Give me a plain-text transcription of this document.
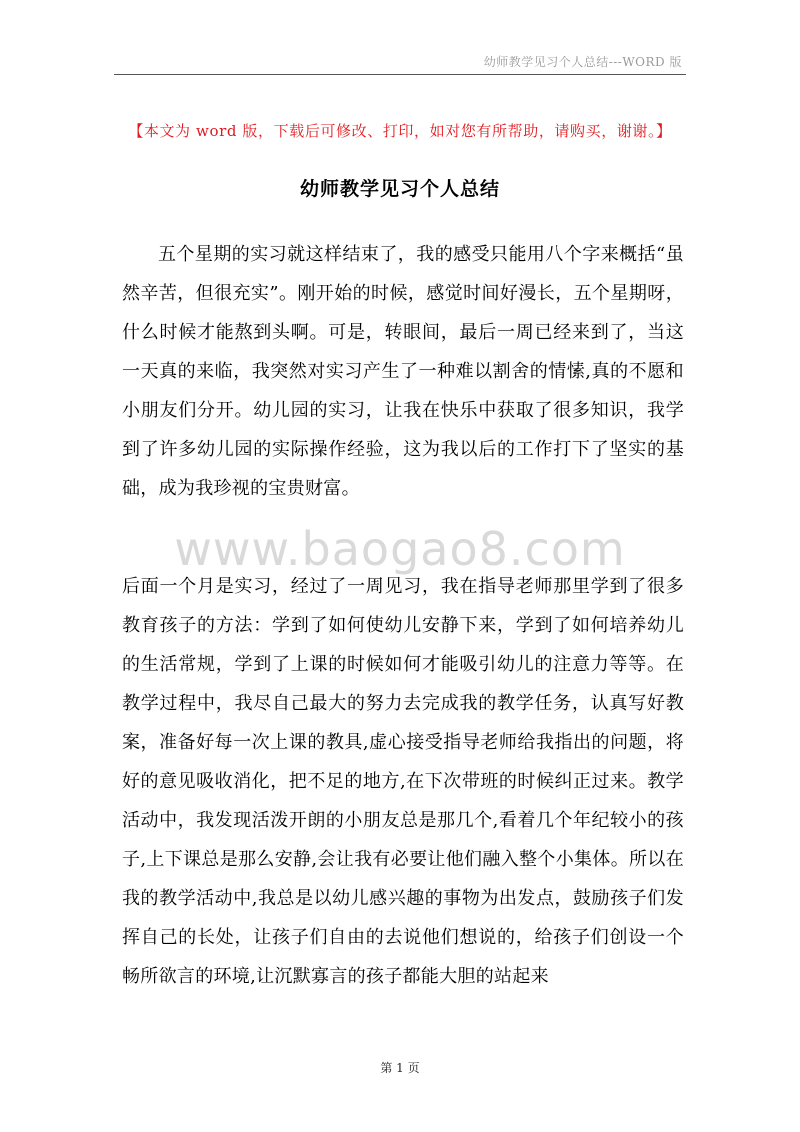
幼师教学见习个人总结---WORD 版
【本文为 word 版，下载后可修改、打印，如对您有所帮助，请购买，谢谢。】
幼师教学见习个人总结

五个星期的实习就这样结束了，我的感受只能用八个字来概括“虽然辛苦，但很充实”。刚开始的时候，感觉时间好漫长，五个星期呀，什么时候才能熬到头啊。可是，转眼间，最后一周已经来到了，当这一天真的来临，我突然对实习产生了一种难以割舍的情愫,真的不愿和小朋友们分开。幼儿园的实习，让我在快乐中获取了很多知识，我学到了许多幼儿园的实际操作经验，这为我以后的工作打下了坚实的基础，成为我珍视的宝贵财富。

www.baogao8.com

后面一个月是实习，经过了一周见习，我在指导老师那里学到了很多教育孩子的方法：学到了如何使幼儿安静下来，学到了如何培养幼儿的生活常规，学到了上课的时候如何才能吸引幼儿的注意力等等。在教学过程中，我尽自己最大的努力去完成我的教学任务，认真写好教案，准备好每一次上课的教具,虚心接受指导老师给我指出的问题，将好的意见吸收消化，把不足的地方,在下次带班的时候纠正过来。教学活动中，我发现活泼开朗的小朋友总是那几个,看着几个年纪较小的孩子,上下课总是那么安静,会让我有必要让他们融入整个小集体。所以在我的教学活动中,我总是以幼儿感兴趣的事物为出发点，鼓励孩子们发挥自己的长处，让孩子们自由的去说他们想说的，给孩子们创设一个畅所欲言的环境,让沉默寡言的孩子都能大胆的站起来

第 1 页
